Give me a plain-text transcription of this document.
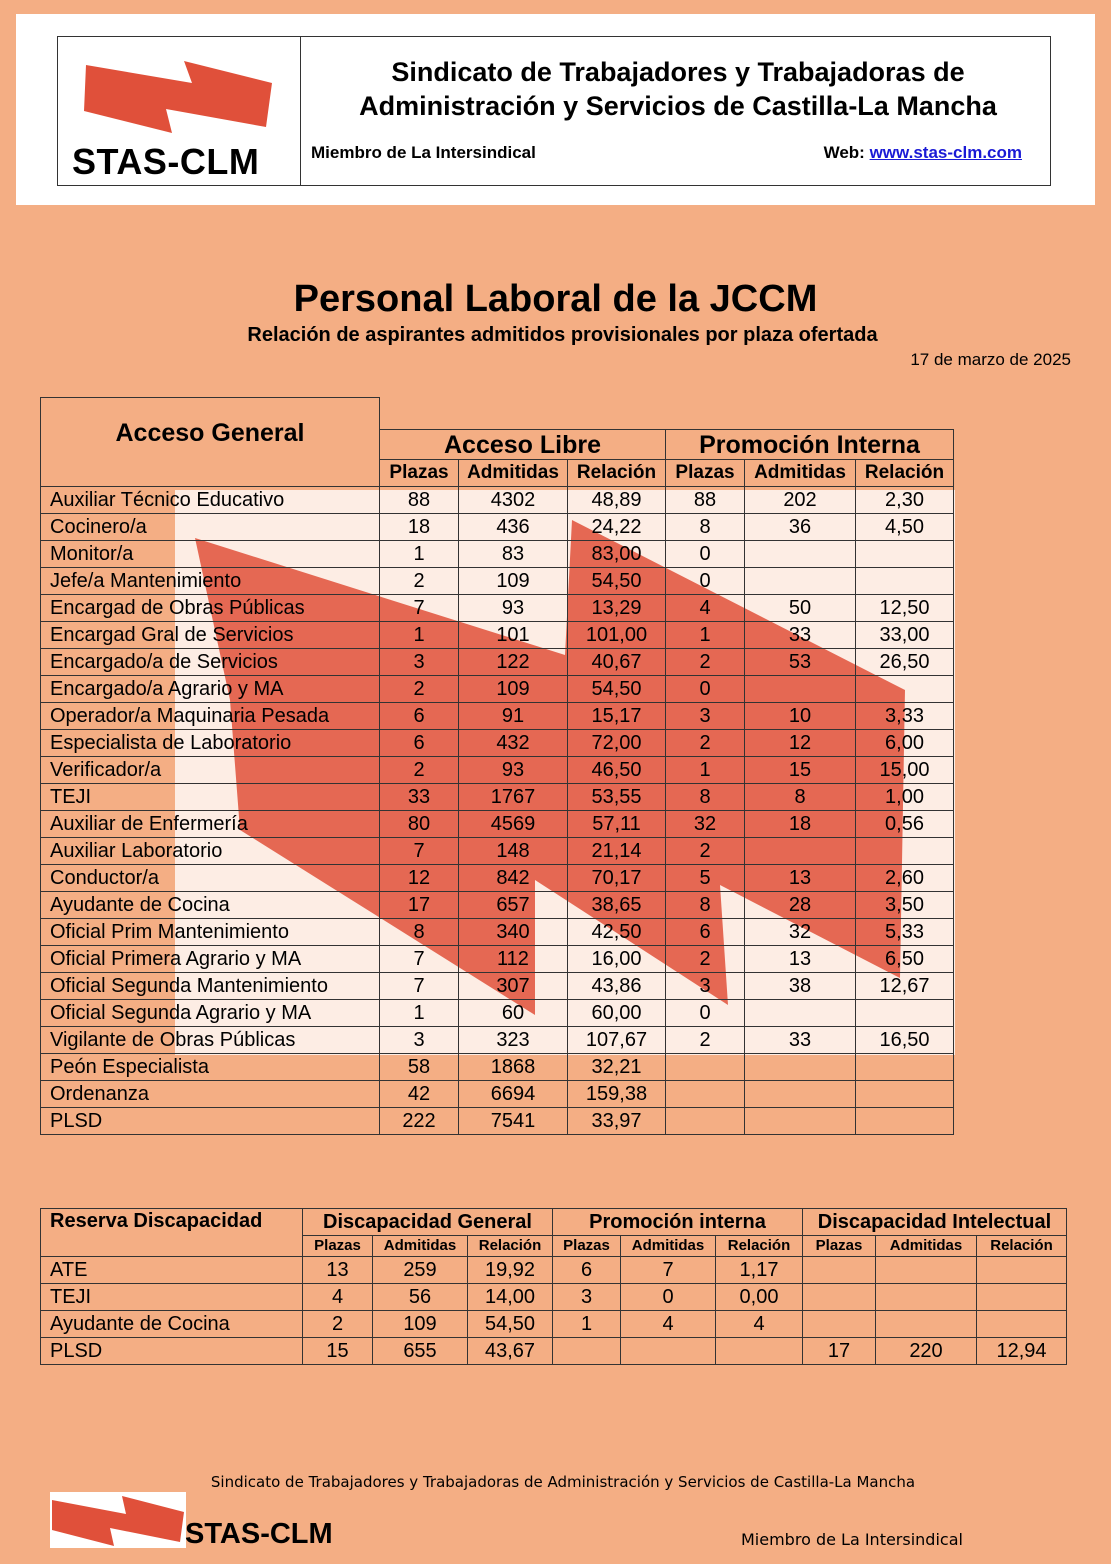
STAS-CLM
Sindicato de Trabajadores y Trabajadoras de
Administración y Servicios de Castilla-La Mancha
Miembro de La Intersindical	Web: www.stas-clm.com
Personal Laboral de la JCCM
Relación de aspirantes admitidos provisionales por plaza ofertada
17 de marzo de 2025
Acceso General						
	Acceso Libre			Promoción Interna		
	Plazas	Admitidas	Relación	Plazas	Admitidas	Relación
Auxiliar Técnico Educativo	88	4302	48,89	88	202	2,30
Cocinero/a	18	436	24,22	8	36	4,50
Monitor/a	1	83	83,00	0		
Jefe/a Mantenimiento	2	109	54,50	0		
Encargad de Obras Públicas	7	93	13,29	4	50	12,50
Encargad Gral de Servicios	1	101	101,00	1	33	33,00
Encargado/a de Servicios	3	122	40,67	2	53	26,50
Encargado/a Agrario y MA	2	109	54,50	0		
Operador/a Maquinaria Pesada	6	91	15,17	3	10	3,33
Especialista de Laboratorio	6	432	72,00	2	12	6,00
Verificador/a	2	93	46,50	1	15	15,00
TEJI	33	1767	53,55	8	8	1,00
Auxiliar de Enfermería	80	4569	57,11	32	18	0,56
Auxiliar Laboratorio	7	148	21,14	2		
Conductor/a	12	842	70,17	5	13	2,60
Ayudante de Cocina	17	657	38,65	8	28	3,50
Oficial Prim Mantenimiento	8	340	42,50	6	32	5,33
Oficial Primera Agrario y MA	7	112	16,00	2	13	6,50
Oficial Segunda Mantenimiento	7	307	43,86	3	38	12,67
Oficial Segunda Agrario y MA	1	60	60,00	0		
Vigilante de Obras Públicas	3	323	107,67	2	33	16,50
Peón Especialista	58	1868	32,21			
Ordenanza	42	6694	159,38			
PLSD	222	7541	33,97			
Reserva Discapacidad	Discapacidad General			Promoción interna			Discapacidad Intelectual		
	Plazas	Admitidas	Relación	Plazas	Admitidas	Relación	Plazas	Admitidas	Relación
ATE	13	259	19,92	6	7	1,17			
TEJI	4	56	14,00	3	0	0,00			
Ayudante de Cocina	2	109	54,50	1	4	4			
PLSD	15	655	43,67				17	220	12,94
Sindicato de Trabajadores y Trabajadoras de Administración y Servicios de Castilla-La Mancha
STAS-CLM	Miembro de La Intersindical
